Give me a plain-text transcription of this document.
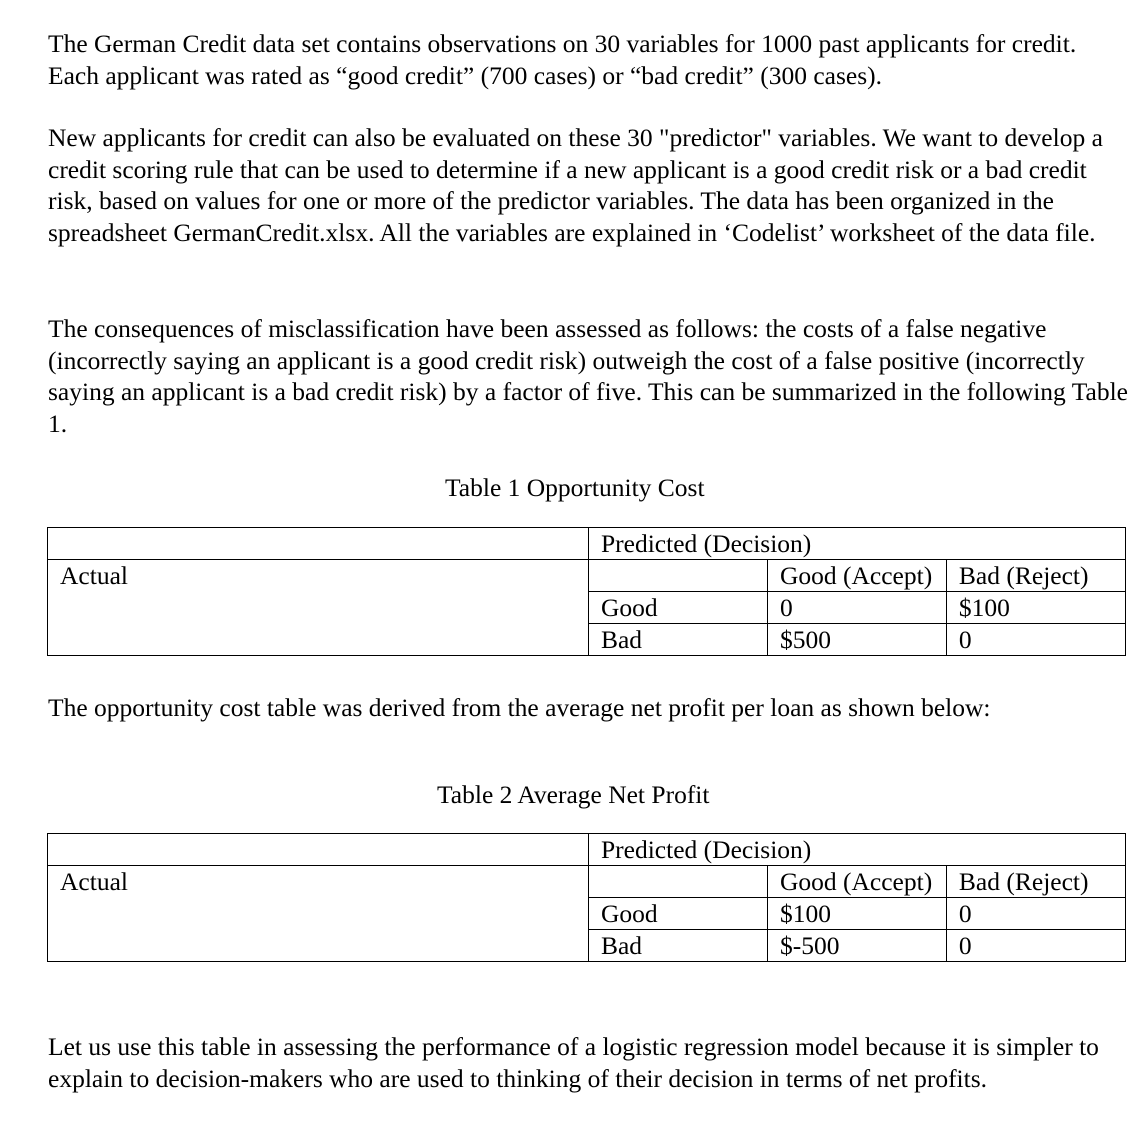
The German Credit data set contains observations on 30 variables for 1000 past applicants for credit. Each applicant was rated as “good credit” (700 cases) or “bad credit” (300 cases).

New applicants for credit can also be evaluated on these 30 "predictor" variables. We want to develop a credit scoring rule that can be used to determine if a new applicant is a good credit risk or a bad credit risk, based on values for one or more of the predictor variables. The data has been organized in the spreadsheet GermanCredit.xlsx. All the variables are explained in ‘Codelist’ worksheet of the data file.

The consequences of misclassification have been assessed as follows: the costs of a false negative (incorrectly saying an applicant is a good credit risk) outweigh the cost of a false positive (incorrectly saying an applicant is a bad credit risk) by a factor of five. This can be summarized in the following Table 1.

Table 1 Opportunity Cost

	Predicted (Decision)		
Actual		Good (Accept)	Bad (Reject)
	Good	0	$100
	Bad	$500	0

The opportunity cost table was derived from the average net profit per loan as shown below:

Table 2 Average Net Profit

	Predicted (Decision)		
Actual		Good (Accept)	Bad (Reject)
	Good	$100	0
	Bad	$-500	0

Let us use this table in assessing the performance of a logistic regression model because it is simpler to explain to decision-makers who are used to thinking of their decision in terms of net profits.
